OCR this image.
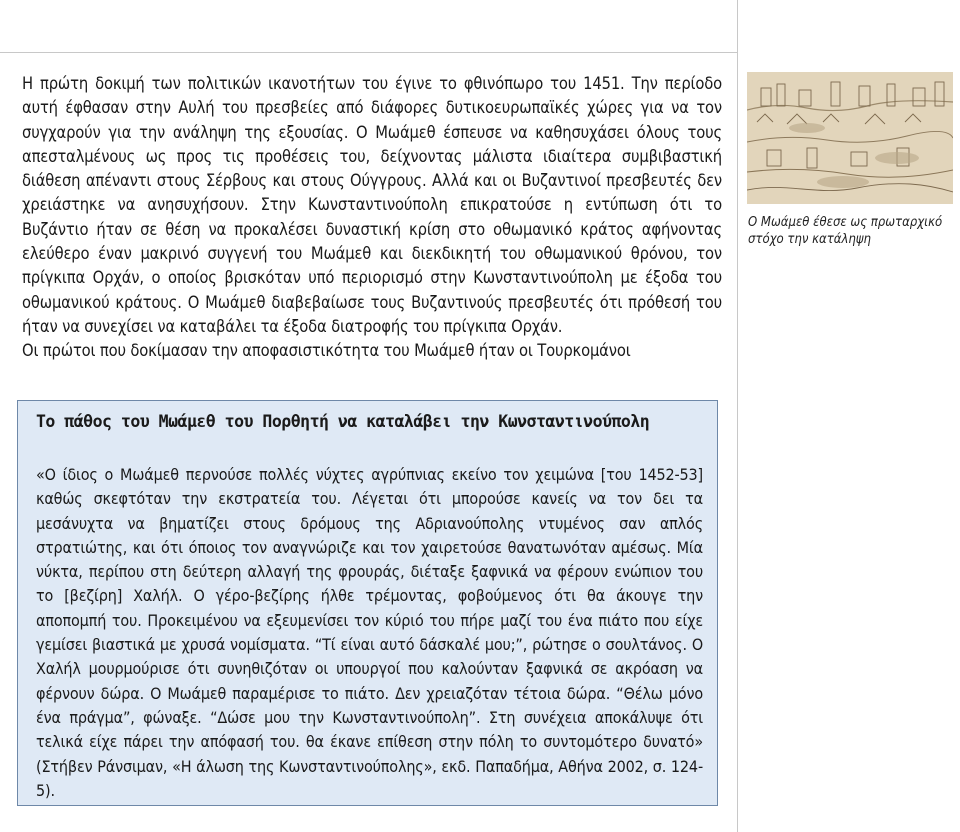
Η πρώτη δοκιμή των πολιτικών ικανοτήτων του έγινε το φθινόπωρο του 1451. Την περίοδο αυτή έφθασαν στην Αυλή του πρεσβείες από διάφορες δυτικοευρωπαϊκές χώρες για να τον συγχαρούν για την ανάληψη της εξουσίας. Ο Μωάμεθ έσπευσε να καθησυχάσει όλους τους απεσταλμένους ως προς τις προθέσεις του, δείχνοντας μάλιστα ιδιαίτερα συμβιβαστική διάθεση απέναντι στους Σέρβους και στους Ούγγρους. Αλλά και οι Βυζαντινοί πρεσβευτές δεν χρειάστηκε να ανησυχήσουν. Στην Κωνσταντινούπολη επικρατούσε η εντύπωση ότι το Βυζάντιο ήταν σε θέση να προκαλέσει δυναστική κρίση στο οθωμανικό κράτος αφήνοντας ελεύθερο έναν μακρινό συγγενή του Μωάμεθ και διεκδικητή του οθωμανικού θρόνου, τον πρίγκιπα Ορχάν, ο οποίος βρισκόταν υπό περιορισμό στην Κωνσταντινούπολη με έξοδα του οθωμανικού κράτους. Ο Μωάμεθ διαβεβαίωσε τους Βυζαντινούς πρεσβευτές ότι πρόθεσή του ήταν να συνεχίσει να καταβάλει τα έξοδα διατροφής του πρίγκιπα Ορχάν.

Οι πρώτοι που δοκίμασαν την αποφασιστικότητα του Μωάμεθ ήταν οι Τουρκομάνοι

Ο Μωάμεθ έθεσε ως πρωταρχικό στόχο την κατάληψη
Το πάθος του Μωάμεθ του Πορθητή να καταλάβει την Κωνσταντινούπολη

«Ο ίδιος ο Μωάμεθ περνούσε πολλές νύχτες αγρύπνιας εκείνο τον χειμώνα [του 1452-53] καθώς σκεφτόταν την εκστρατεία του. Λέγεται ότι μπορούσε κανείς να τον δει τα μεσάνυχτα να βηματίζει στους δρόμους της Αδριανούπολης ντυμένος σαν απλός στρατιώτης, και ότι όποιος τον αναγνώριζε και τον χαιρετούσε θανατωνόταν αμέσως. Μία νύκτα, περίπου στη δεύτερη αλλαγή της φρουράς, διέταξε ξαφνικά να φέρουν ενώπιον του το [βεζίρη] Χαλήλ. Ο γέρο-βεζίρης ήλθε τρέμοντας, φοβούμενος ότι θα άκουγε την αποπομπή του. Προκειμένου να εξευμενίσει τον κύριό του πήρε μαζί του ένα πιάτο που είχε γεμίσει βιαστικά με χρυσά νομίσματα. “Τί είναι αυτό δάσκαλέ μου;”, ρώτησε ο σουλτάνος. Ο Χαλήλ μουρμούρισε ότι συνηθιζόταν οι υπουργοί που καλούνταν ξαφνικά σε ακρόαση να φέρνουν δώρα. Ο Μωάμεθ παραμέρισε το πιάτο. Δεν χρειαζόταν τέτοια δώρα. “Θέλω μόνο ένα πράγμα”, φώναξε. “Δώσε μου την Κωνσταντινούπολη”. Στη συνέχεια αποκάλυψε ότι τελικά είχε πάρει την απόφασή του. θα έκανε επίθεση στην πόλη το συντομότερο δυνατό» (Στήβεν Ράνσιμαν, «Η άλωση της Κωνσταντινούπολης», εκδ. Παπαδήμα, Αθήνα 2002, σ. 124-5).
